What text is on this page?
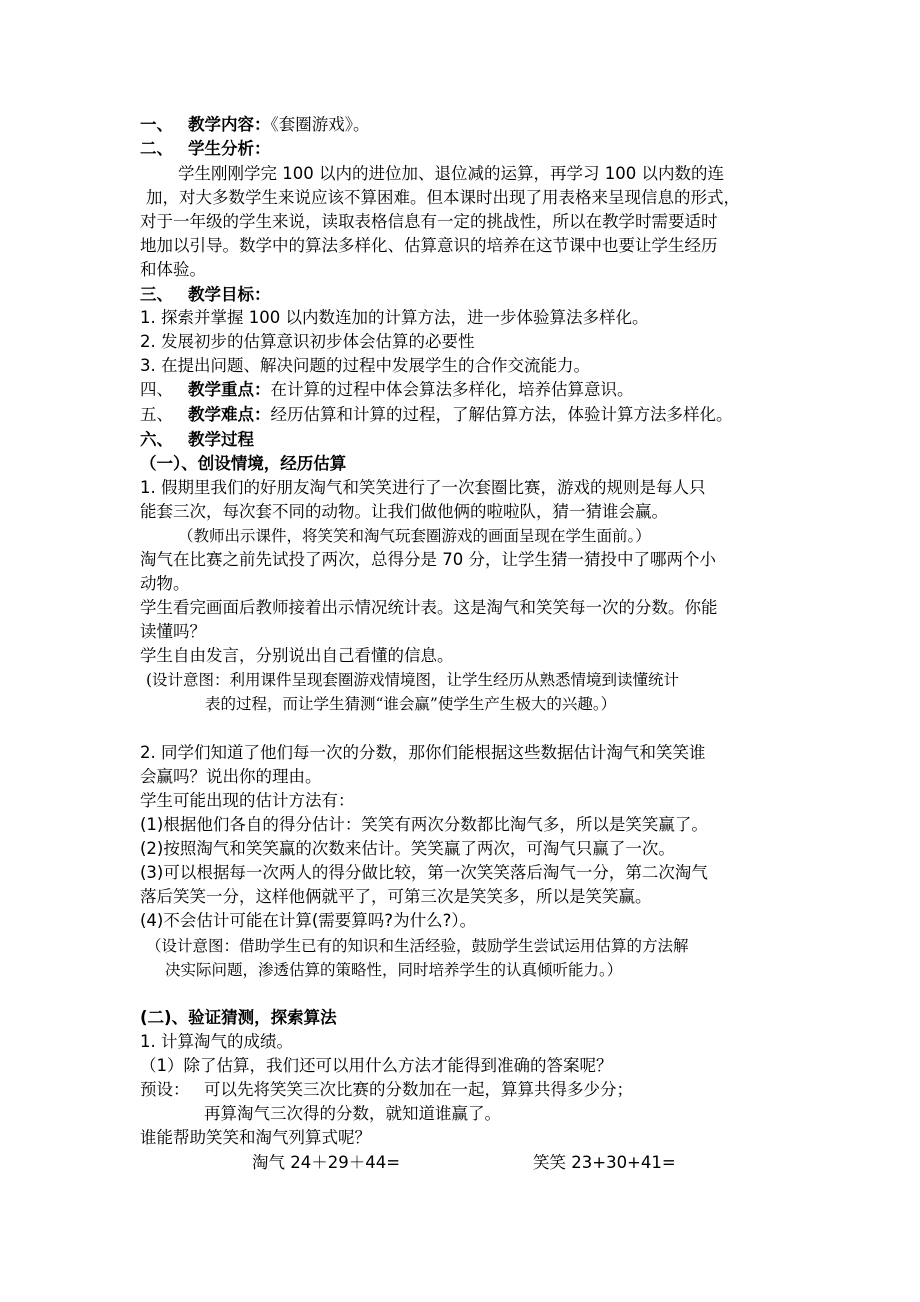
一、 教学内容：《套圈游戏》。
二、 学生分析：
学生刚刚学完 100 以内的进位加、退位减的运算，再学习 100 以内数的连
加，对大多数学生来说应该不算困难。但本课时出现了用表格来呈现信息的形式，
对于一年级的学生来说，读取表格信息有一定的挑战性，所以在教学时需要适时
地加以引导。数学中的算法多样化、估算意识的培养在这节课中也要让学生经历
和体验。
三、 教学目标：
1. 探索并掌握 100 以内数连加的计算方法，进一步体验算法多样化。
2. 发展初步的估算意识初步体会估算的必要性
3. 在提出问题、解决问题的过程中发展学生的合作交流能力。
四、 教学重点：在计算的过程中体会算法多样化，培养估算意识。
五、 教学难点：经历估算和计算的过程，了解估算方法，体验计算方法多样化。
六、 教学过程
（一）、创设情境，经历估算
1. 假期里我们的好朋友淘气和笑笑进行了一次套圈比赛，游戏的规则是每人只
能套三次，每次套不同的动物。让我们做他俩的啦啦队，猜一猜谁会赢。
（教师出示课件，将笑笑和淘气玩套圈游戏的画面呈现在学生面前。）
淘气在比赛之前先试投了两次，总得分是 70 分，让学生猜一猜投中了哪两个小
动物。
学生看完画面后教师接着出示情况统计表。这是淘气和笑笑每一次的分数。你能
读懂吗？
学生自由发言，分别说出自己看懂的信息。
(设计意图：利用课件呈现套圈游戏情境图，让学生经历从熟悉情境到读懂统计
表的过程，而让学生猜测“谁会赢”使学生产生极大的兴趣。）
2. 同学们知道了他们每一次的分数，那你们能根据这些数据估计淘气和笑笑谁
会赢吗？说出你的理由。
学生可能出现的估计方法有：
(1)根据他们各自的得分估计：笑笑有两次分数都比淘气多，所以是笑笑赢了。
(2)按照淘气和笑笑赢的次数来估计。笑笑赢了两次，可淘气只赢了一次。
(3)可以根据每一次两人的得分做比较，第一次笑笑落后淘气一分，第二次淘气
落后笑笑一分，这样他俩就平了，可第三次是笑笑多，所以是笑笑赢。
(4)不会估计可能在计算(需要算吗?为什么?）。
（设计意图：借助学生已有的知识和生活经验，鼓励学生尝试运用估算的方法解
决实际问题，渗透估算的策略性，同时培养学生的认真倾听能力。）
(二)、验证猜测，探索算法
1. 计算淘气的成绩。
（1）除了估算，我们还可以用什么方法才能得到准确的答案呢？
预设： 可以先将笑笑三次比赛的分数加在一起，算算共得多少分；
再算淘气三次得的分数，就知道谁赢了。
谁能帮助笑笑和淘气列算式呢？
淘气 24＋29＋44=	笑笑 23+30+41=
